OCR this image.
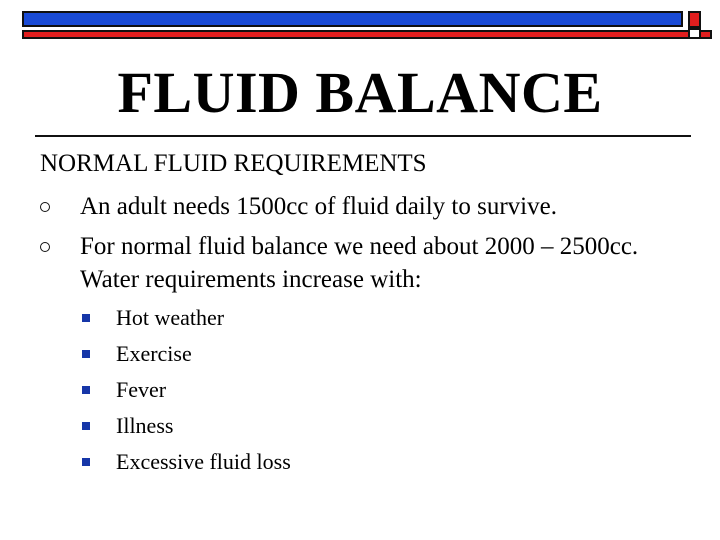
FLUID BALANCE
NORMAL FLUID REQUIREMENTS
An adult needs 1500cc of fluid daily to survive.
For normal fluid balance we need about 2000 – 2500cc. Water requirements increase with:
Hot weather
Exercise
Fever
Illness
Excessive fluid loss
